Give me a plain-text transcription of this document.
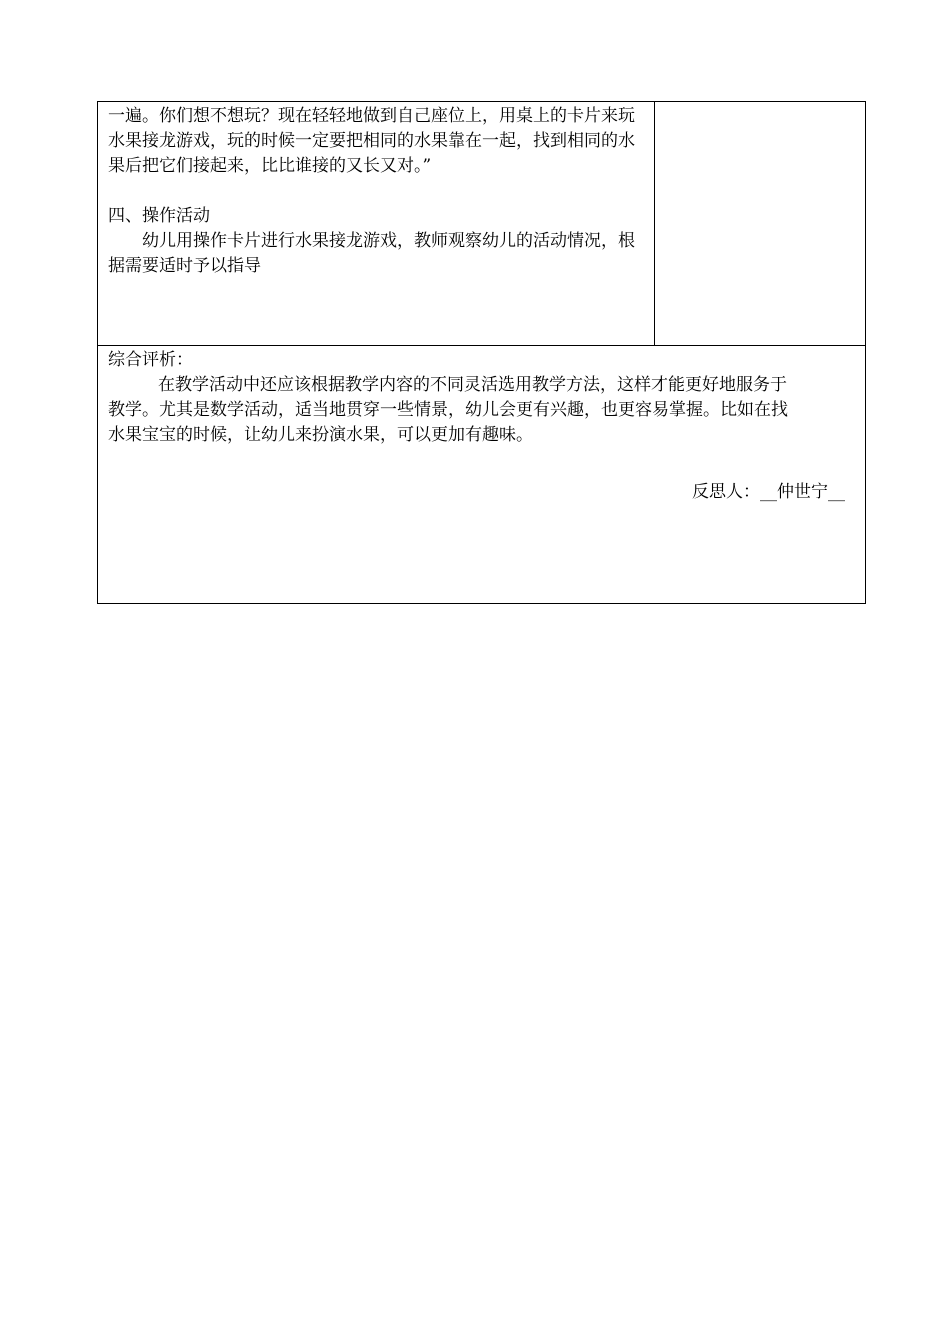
一遍。你们想不想玩？现在轻轻地做到自己座位上，用桌上的卡片来玩水果接龙游戏，玩的时候一定要把相同的水果靠在一起，找到相同的水果后把它们接起来，比比谁接的又长又对。”

四、操作活动

幼儿用操作卡片进行水果接龙游戏，教师观察幼儿的活动情况，根据需要适时予以指导

综合评析：

在教学活动中还应该根据教学内容的不同灵活选用教学方法，这样才能更好地服务于教学。尤其是数学活动，适当地贯穿一些情景，幼儿会更有兴趣，也更容易掌握。比如在找水果宝宝的时候，让幼儿来扮演水果，可以更加有趣味。

反思人：__仲世宁__
